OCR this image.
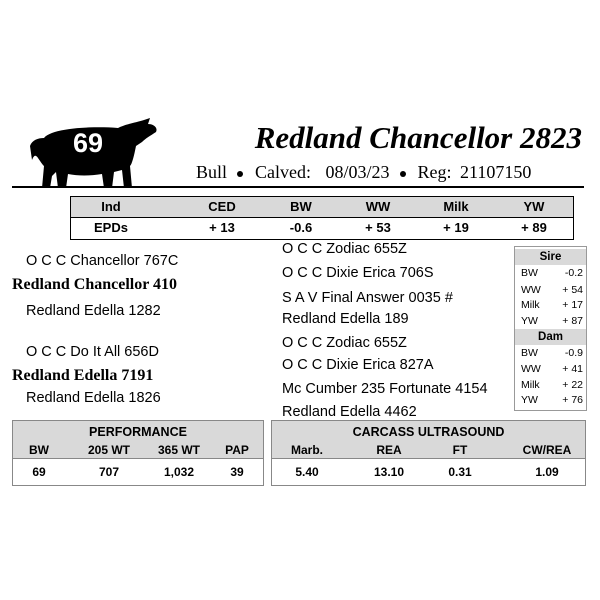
69	Redland Chancellor 2823
Bull Calved: 08/03/23 Reg: 21107150
Ind	CED	BW	WW	Milk	YW
EPDs	+ 13	-0.6	+ 53	+ 19	+ 89
O C C Chancellor 767C
Redland Chancellor 410
Redland Edella 1282
O C C Do It All 656D
Redland Edella 7191
Redland Edella 1826
O C C Zodiac 655Z
O C C Dixie Erica 706S
S A V Final Answer 0035 #
Redland Edella 189
O C C Zodiac 655Z
O C C Dixie Erica 827A
Mc Cumber 235 Fortunate 4154
Redland Edella 4462
Sire
BW	-0.2
WW + 54
Milk + 17
YW + 87
Dam
BW	-0.9
WW + 41
Milk + 22
YW + 76
PERFORMANCE
BW	205 WT	365 WT	PAP
69	707	1,032	39
CARCASS ULTRASOUND
Marb.	REA	FT	CW/REA
5.40	13.10	0.31	1.09
